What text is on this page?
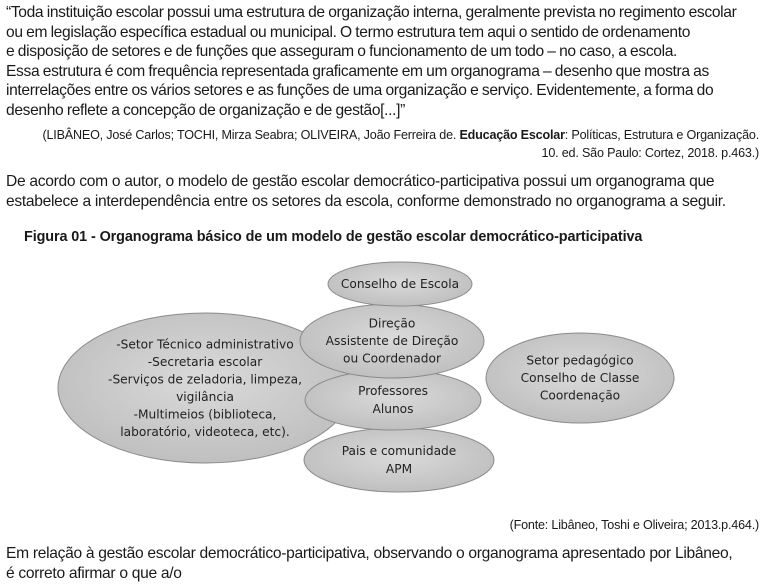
“Toda instituição escolar possui uma estrutura de organização interna, geralmente prevista no regimento escolar
ou em legislação específica estadual ou municipal. O termo estrutura tem aqui o sentido de ordenamento
e disposição de setores e de funções que asseguram o funcionamento de um todo – no caso, a escola.
Essa estrutura é com frequência representada graficamente em um organograma – desenho que mostra as
interrelações entre os vários setores e as funções de uma organização e serviço. Evidentemente, a forma do
desenho reflete a concepção de organização e de gestão[...]”
(LIBÂNEO, José Carlos; TOCHI, Mirza Seabra; OLIVEIRA, João Ferreira de. Educação Escolar: Políticas, Estrutura e Organização.
10. ed. São Paulo: Cortez, 2018. p.463.)
De acordo com o autor, o modelo de gestão escolar democrático-participativa possui um organograma que
estabelece a interdependência entre os setores da escola, conforme demonstrado no organograma a seguir.
Figura 01 - Organograma básico de um modelo de gestão escolar democrático-participativa
-Setor Técnico administrativo
-Secretaria escolar
-Serviços de zeladoria, limpeza,
vigilância
-Multimeios (biblioteca,
laboratório, videoteca, etc).
Setor pedagógico
Conselho de Classe
Coordenação
Pais e comunidade
APM
Professores
Alunos
Direção
Assistente de Direção
ou Coordenador
Conselho de Escola
(Fonte: Libâneo, Toshi e Oliveira; 2013.p.464.)
Em relação à gestão escolar democrático-participativa, observando o organograma apresentado por Libâneo,
é correto afirmar o que a/o
